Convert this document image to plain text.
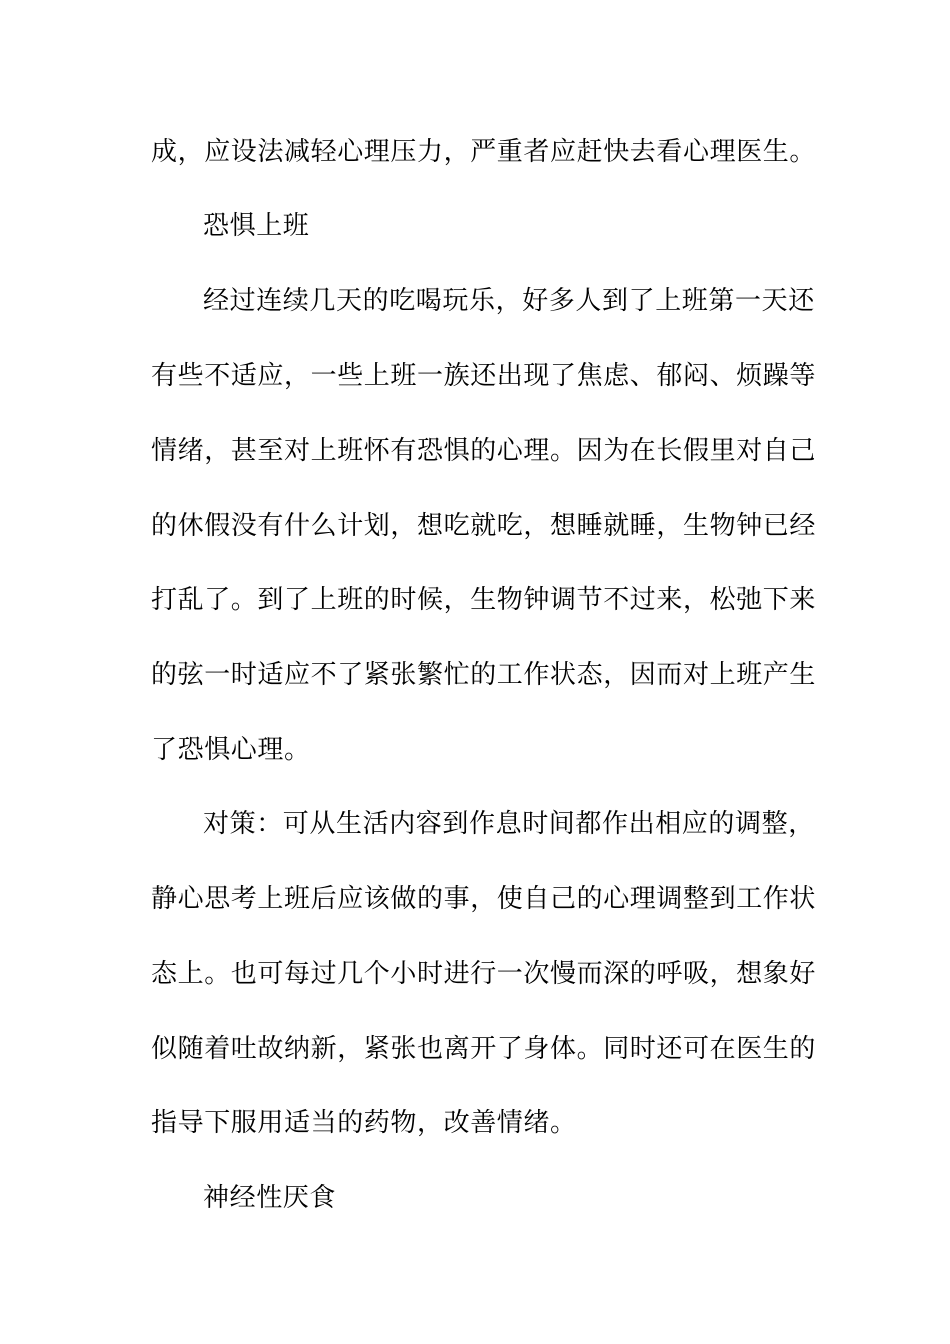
成，应设法减轻心理压力，严重者应赶快去看心理医生。
恐惧上班
经过连续几天的吃喝玩乐，好多人到了上班第一天还
有些不适应，一些上班一族还出现了焦虑、郁闷、烦躁等
情绪，甚至对上班怀有恐惧的心理。因为在长假里对自己
的休假没有什么计划，想吃就吃，想睡就睡，生物钟已经
打乱了。到了上班的时候，生物钟调节不过来，松弛下来
的弦一时适应不了紧张繁忙的工作状态，因而对上班产生
了恐惧心理。
对策：可从生活内容到作息时间都作出相应的调整，
静心思考上班后应该做的事，使自己的心理调整到工作状
态上。也可每过几个小时进行一次慢而深的呼吸，想象好
似随着吐故纳新，紧张也离开了身体。同时还可在医生的
指导下服用适当的药物，改善情绪。
神经性厌食
